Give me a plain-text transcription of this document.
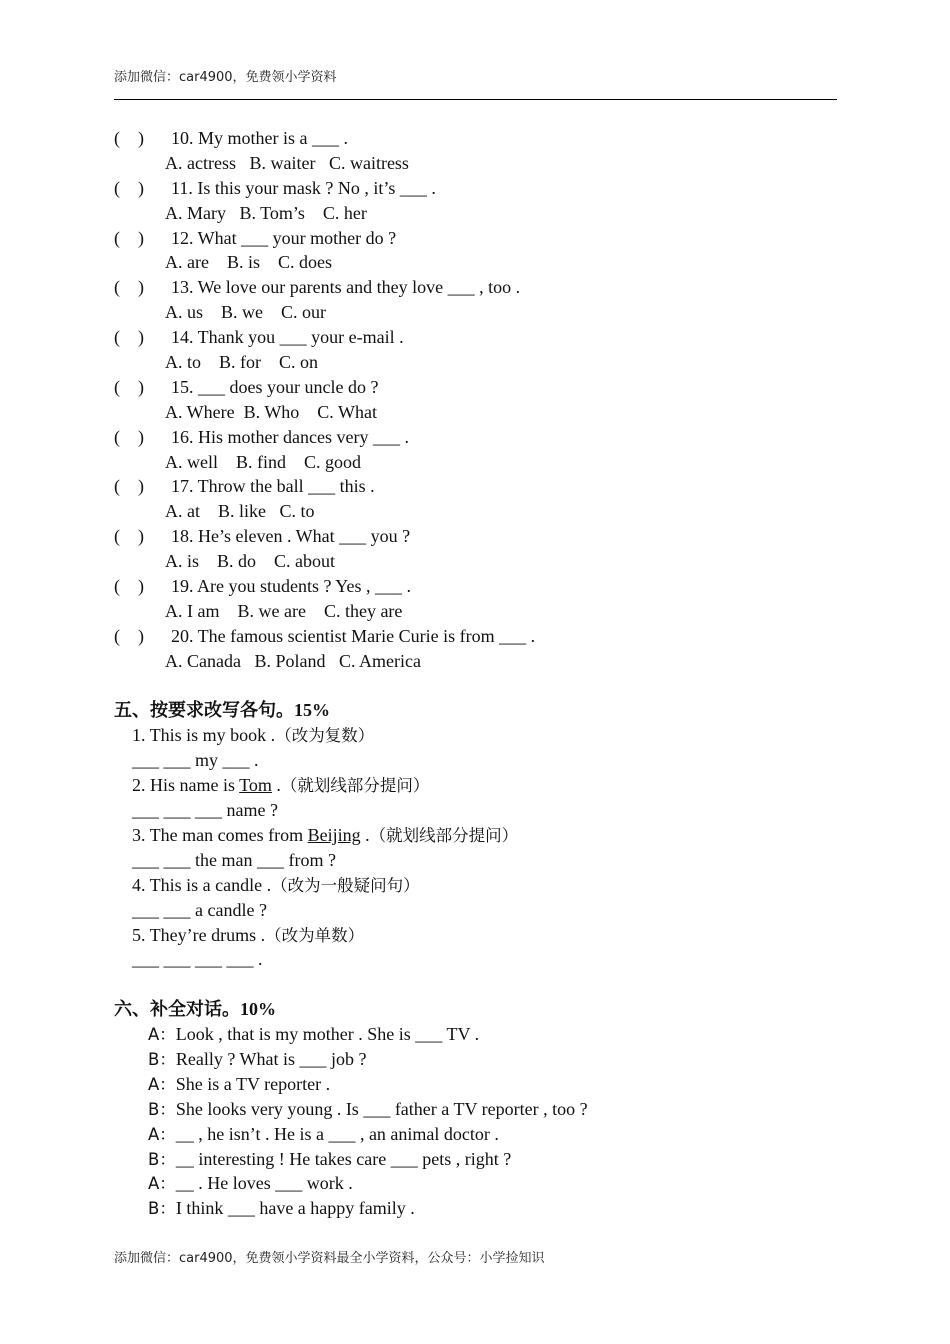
添加微信：car4900，免费领小学资料
(　) 10. My mother is a ___ .
A. actress   B. waiter   C. waitress
(　) 11. Is this your mask ? No , it’s ___ .
A. Mary   B. Tom’s    C. her
(　) 12. What ___ your mother do ?
A. are    B. is    C. does
(　) 13. We love our parents and they love ___ , too .
A. us    B. we    C. our
(　) 14. Thank you ___ your e-mail .
A. to    B. for    C. on
(　) 15. ___ does your uncle do ?
A. Where  B. Who    C. What
(　) 16. His mother dances very ___ .
A. well    B. find    C. good
(　) 17. Throw the ball ___ this .
A. at    B. like   C. to
(　) 18. He’s eleven . What ___ you ?
A. is    B. do    C. about
(　) 19. Are you students ? Yes , ___ .
A. I am    B. we are    C. they are
(　) 20. The famous scientist Marie Curie is from ___ .
A. Canada   B. Poland   C. America
五、按要求改写各句。15%
1. This is my book .（改为复数）
___ ___ my ___ .
2. His name is Tom .（就划线部分提问）
___ ___ ___ name ?
3. The man comes from Beijing .（就划线部分提问）
___ ___ the man ___ from ?
4. This is a candle .（改为一般疑问句）
___ ___ a candle ?
5. They’re drums .（改为单数）
___ ___ ___ ___ .
六、补全对话。10%
A：Look , that is my mother . She is ___ TV .
B：Really ? What is ___ job ?
A：She is a TV reporter .
B：She looks very young . Is ___ father a TV reporter , too ?
A：__ , he isn’t . He is a ___ , an animal doctor .
B：__ interesting ! He takes care ___ pets , right ?
A：__ . He loves ___ work .
B：I think ___ have a happy family .
添加微信：car4900，免费领小学资料最全小学资料，公众号：小学捡知识
